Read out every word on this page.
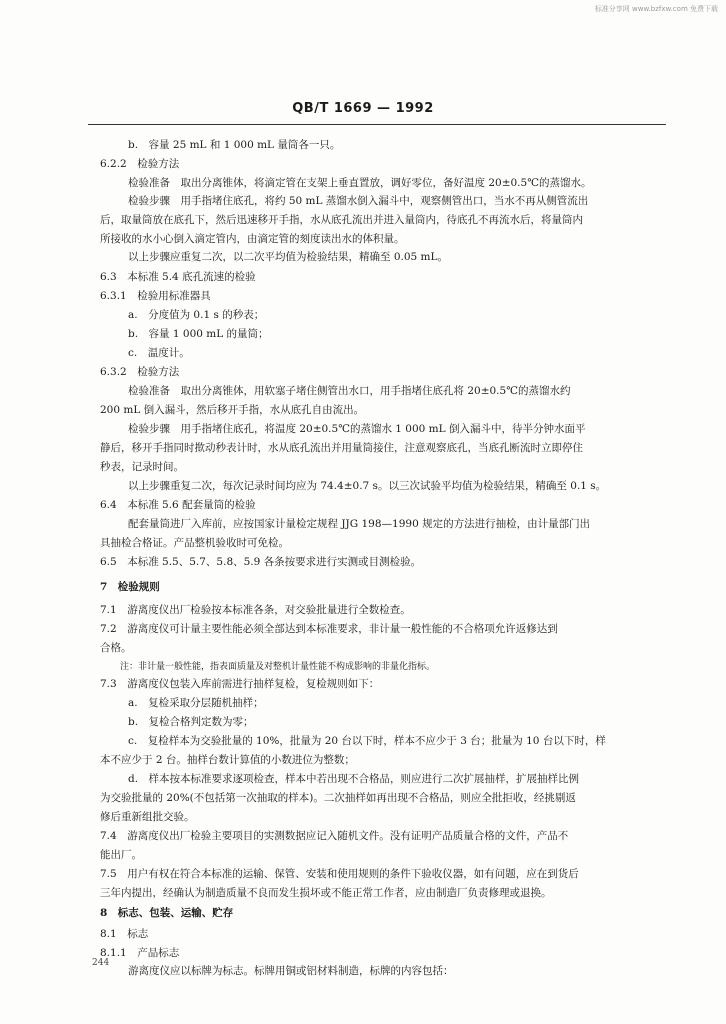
标准分享网 www.bzfxw.com 免费下载
QB/T 1669 — 1992
b.　容量 25 mL 和 1 000 mL 量筒各一只。
6.2.2　检验方法
检验准备　取出分离锥体，将滴定管在支架上垂直置放，调好零位，备好温度 20±0.5℃的蒸馏水。
检验步骤　用手指堵住底孔，将约 50 mL 蒸馏水倒入漏斗中，观察侧管出口，当水不再从侧管流出
后，取量筒放在底孔下，然后迅速移开手指，水从底孔流出并进入量筒内，待底孔不再流水后，将量筒内
所接收的水小心倒入滴定管内，由滴定管的刻度读出水的体积量。
以上步骤应重复二次，以二次平均值为检验结果，精确至 0.05 mL。
6.3　本标准 5.4 底孔流速的检验
6.3.1　检验用标准器具
a.　分度值为 0.1 s 的秒表；
b.　容量 1 000 mL 的量筒；
c.　温度计。
6.3.2　检验方法
检验准备　取出分离锥体，用软塞子堵住侧管出水口，用手指堵住底孔将 20±0.5℃的蒸馏水约
200 mL 倒入漏斗，然后移开手指，水从底孔自由流出。
检验步骤　用手指堵住底孔，将温度 20±0.5℃的蒸馏水 1 000 mL 倒入漏斗中，待半分钟水面平
静后，移开手指同时揿动秒表计时，水从底孔流出并用量筒接住，注意观察底孔，当底孔断流时立即停住
秒表，记录时间。
以上步骤重复二次，每次记录时间均应为 74.4±0.7 s。以三次试验平均值为检验结果，精确至 0.1 s。
6.4　本标准 5.6 配套量筒的检验
配套量筒进厂入库前，应按国家计量检定规程 JJG 198—1990 规定的方法进行抽检，由计量部门出
具抽检合格证。产品整机验收时可免检。
6.5　本标准 5.5、5.7、5.8、5.9 各条按要求进行实测或目测检验。
7　检验规则
7.1　游离度仪出厂检验按本标准各条，对交验批量进行全数检查。
7.2　游离度仪可计量主要性能必须全部达到本标准要求，非计量一般性能的不合格项允许返修达到
合格。
注：非计量一般性能，指表面质量及对整机计量性能不构成影响的非量化指标。
7.3　游离度仪包装入库前需进行抽样复检，复检规则如下：
a.　复检采取分层随机抽样；
b.　复检合格判定数为零；
c.　复检样本为交验批量的 10%，批量为 20 台以下时，样本不应少于 3 台；批量为 10 台以下时，样
本不应少于 2 台。抽样台数计算值的小数进位为整数；
d.　样本按本标准要求逐项检查，样本中若出现不合格品，则应进行二次扩展抽样，扩展抽样比例
为交验批量的 20%(不包括第一次抽取的样本)。二次抽样如再出现不合格品，则应全批拒收，经挑剔返
修后重新组批交验。
7.4　游离度仪出厂检验主要项目的实测数据应记入随机文件。没有证明产品质量合格的文件，产品不
能出厂。
7.5　用户有权在符合本标准的运输、保管、安装和使用规则的条件下验收仪器，如有问题，应在到货后
三年内提出，经确认为制造质量不良而发生损坏或不能正常工作者，应由制造厂负责修理或退换。
8　标志、包装、运输、贮存
8.1　标志
8.1.1　产品标志
游离度仪应以标牌为标志。标牌用铜或铝材料制造，标牌的内容包括：
244
